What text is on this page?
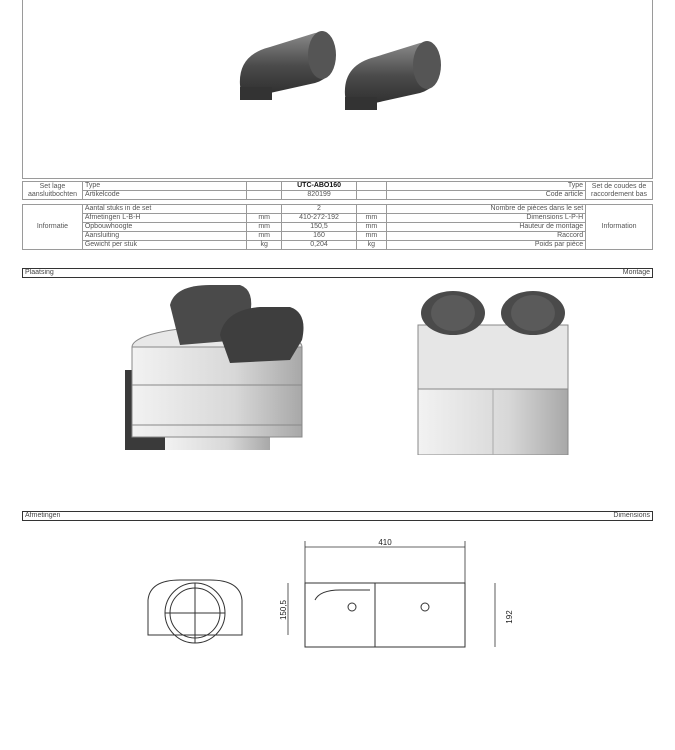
Set lage aansluitbochten	Type		UTC-ABO160		Type	Set de coudes de raccordement bas
	Artikelcode		820199		Code article	
Informatie	Aantal stuks in de set		2		Nombre de pièces dans le set	Information
	Afmetingen L-B-H	mm	410-272-192	mm	Dimensions L-P-H	
	Opbouwhoogte	mm	150,5	mm	Hauteur de montage	
	Aansluiting	mm	160	mm	Raccord	
	Gewicht per stuk	kg	0,204	kg	Poids par pièce	
Plaatsing	Montage
Afmetingen	Dimensions
410
150,5	192
